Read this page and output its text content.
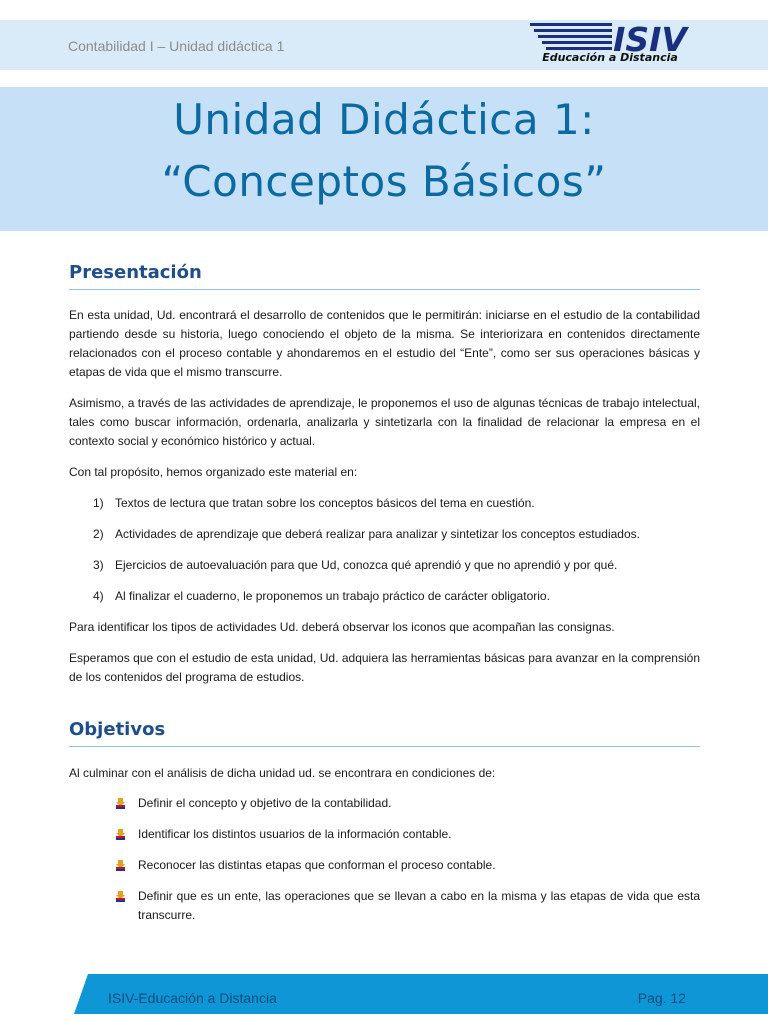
Contabilidad I – Unidad didáctica 1	ISIV
Educación a Distancia
Unidad Didáctica 1:
“Conceptos Básicos”
Presentación
En esta unidad, Ud. encontrará el desarrollo de contenidos que le permitirán: iniciarse en el estudio de la contabilidad partiendo desde su historia, luego conociendo el objeto de la misma. Se interiorizara en contenidos directamente relacionados con el proceso contable y ahondaremos en el estudio del “Ente”, como ser sus operaciones básicas y etapas de vida que el mismo transcurre.
Asimismo, a través de las actividades de aprendizaje, le proponemos el uso de algunas técnicas de trabajo intelectual, tales como buscar información, ordenarla, analizarla y sintetizarla con la finalidad de relacionar la empresa en el contexto social y económico histórico y actual.
Con tal propósito, hemos organizado este material en:
1) Textos de lectura que tratan sobre los conceptos básicos del tema en cuestión.
2) Actividades de aprendizaje que deberá realizar para analizar y sintetizar los conceptos estudiados.
3) Ejercicios de autoevaluación para que Ud, conozca qué aprendió y que no aprendió y por qué.
4) Al finalizar el cuaderno, le proponemos un trabajo práctico de carácter obligatorio.
Para identificar los tipos de actividades Ud. deberá observar los iconos que acompañan las consignas.
Esperamos que con el estudio de esta unidad, Ud. adquiera las herramientas básicas para avanzar en la comprensión de los contenidos del programa de estudios.
Objetivos
Al culminar con el análisis de dicha unidad ud. se encontrara en condiciones de:
Definir el concepto y objetivo de la contabilidad.
Identificar los distintos usuarios de la información contable.
Reconocer las distintas etapas que conforman el proceso contable.
Definir que es un ente, las operaciones que se llevan a cabo en la misma y las etapas de vida que esta transcurre.
ISIV-Educación a Distancia	Pag. 12
